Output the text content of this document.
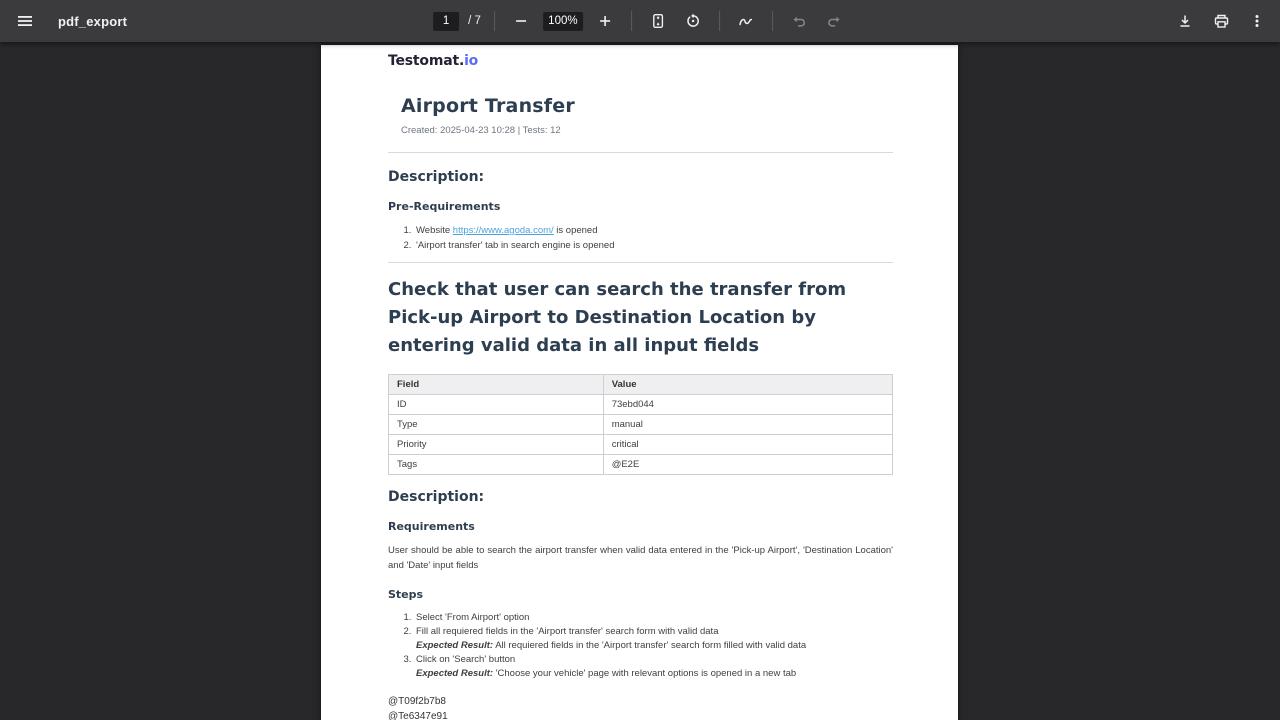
pdf_export
1	/ 7
100%
Testomat.io
Airport Transfer
Created: 2025-04-23 10:28 | Tests: 12
Description:
Pre-Requirements
1. Website https://www.agoda.com/ is opened
2. 'Airport transfer' tab in search engine is opened
Check that user can search the transfer from Pick-up Airport to Destination Location by entering valid data in all input fields
Field	Value
ID	73ebd044
Type	manual
Priority	critical
Tags	@E2E
Description:
Requirements

User should be able to search the airport transfer when valid data entered in the 'Pick-up Airport', 'Destination Location' and 'Date' input fields

Steps
1. Select 'From Airport' option
2. Fill all requiered fields in the 'Airport transfer' search form with valid data
Expected Result: All requiered fields in the 'Airport transfer' search form filled with valid data
3. Click on 'Search' button
Expected Result: 'Choose your vehicle' page with relevant options is opened in a new tab
@T09f2b7b8
@Te6347e91
